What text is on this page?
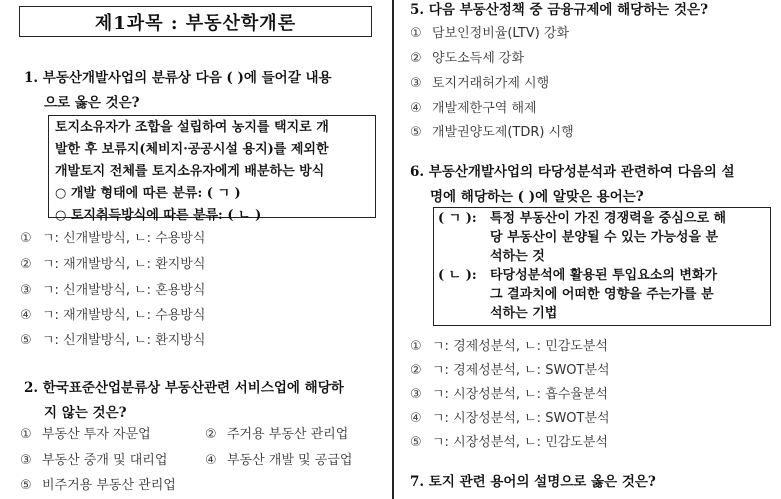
제1과목 : 부동산학개론
1. 부동산개발사업의 분류상 다음 ( )에 들어갈 내용
으로 옳은 것은?
토지소유자가 조합을 설립하여 농지를 택지로 개
발한 후 보류지(체비지·공공시설 용지)를 제외한
개발토지 전체를 토지소유자에게 배분하는 방식
○ 개발 형태에 따른 분류: ( ㄱ )
○ 토지취득방식에 따른 분류: ( ㄴ )
① ㄱ: 신개발방식, ㄴ: 수용방식
② ㄱ: 재개발방식, ㄴ: 환지방식
③ ㄱ: 신개발방식, ㄴ: 혼용방식
④ ㄱ: 재개발방식, ㄴ: 수용방식
⑤ ㄱ: 신개발방식, ㄴ: 환지방식
2. 한국표준산업분류상 부동산관련 서비스업에 해당하
지 않는 것은?
① 부동산 투자 자문업	② 주거용 부동산 관리업
③ 부동산 중개 및 대리업	④ 부동산 개발 및 공급업
⑤ 비주거용 부동산 관리업
5. 다음 부동산정책 중 금융규제에 해당하는 것은?
① 담보인정비율(LTV) 강화
② 양도소득세 강화
③ 토지거래허가제 시행
④ 개발제한구역 해제
⑤ 개발권양도제(TDR) 시행
6. 부동산개발사업의 타당성분석과 관련하여 다음의 설
명에 해당하는 ( )에 알맞은 용어는?
( ㄱ ):	특정 부동산이 가진 경쟁력을 중심으로 해
당 부동산이 분양될 수 있는 가능성을 분
석하는 것
( ㄴ ):	타당성분석에 활용된 투입요소의 변화가
그 결과치에 어떠한 영향을 주는가를 분
석하는 기법
① ㄱ: 경제성분석, ㄴ: 민감도분석
② ㄱ: 경제성분석, ㄴ: SWOT분석
③ ㄱ: 시장성분석, ㄴ: 흡수율분석
④ ㄱ: 시장성분석, ㄴ: SWOT분석
⑤ ㄱ: 시장성분석, ㄴ: 민감도분석
7. 토지 관련 용어의 설명으로 옳은 것은?
